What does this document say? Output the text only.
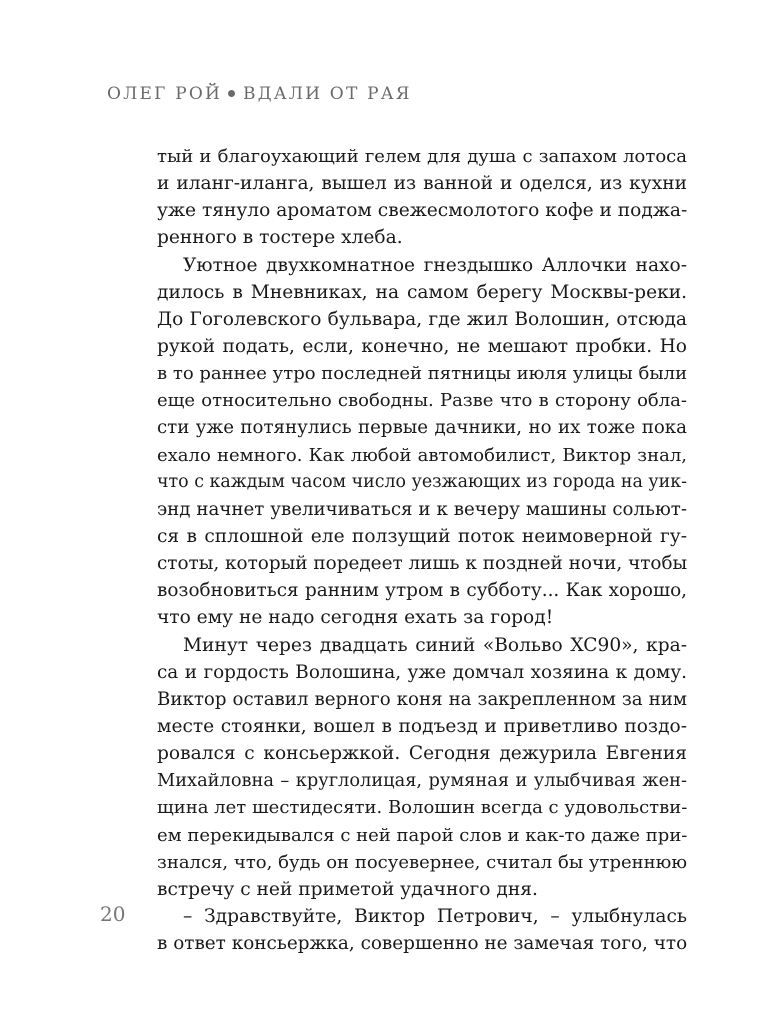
ОЛЕГ РОЙ ВДАЛИ ОТ РАЯ
тый и благоухающий гелем для душа с запахом лотоса
и иланг-иланга, вышел из ванной и оделся, из кухни
уже тянуло ароматом свежесмолотого кофе и поджа-
ренного в тостере хлеба.
Уютное двухкомнатное гнездышко Аллочки нахо-
дилось в Мневниках, на самом берегу Москвы-реки.
До Гоголевского бульвара, где жил Волошин, отсюда
рукой подать, если, конечно, не мешают пробки. Но
в то раннее утро последней пятницы июля улицы были
еще относительно свободны. Разве что в сторону обла-
сти уже потянулись первые дачники, но их тоже пока
ехало немного. Как любой автомобилист, Виктор знал,
что с каждым часом число уезжающих из города на уик-
энд начнет увеличиваться и к вечеру машины сольют-
ся в сплошной еле ползущий поток неимоверной гу-
стоты, который поредеет лишь к поздней ночи, чтобы
возобновиться ранним утром в субботу... Как хорошо,
что ему не надо сегодня ехать за город!
Минут через двадцать синий «Вольво XC90», кра-
са и гордость Волошина, уже домчал хозяина к дому.
Виктор оставил верного коня на закрепленном за ним
месте стоянки, вошел в подъезд и приветливо поздо-
ровался с консьержкой. Сегодня дежурила Евгения
Михайловна – круглолицая, румяная и улыбчивая жен-
щина лет шестидесяти. Волошин всегда с удовольстви-
ем перекидывался с ней парой слов и как-то даже при-
знался, что, будь он посуевернее, считал бы утреннюю
встречу с ней приметой удачного дня.
– Здравствуйте, Виктор Петрович, – улыбнулась
в ответ консьержка, совершенно не замечая того, что
20
